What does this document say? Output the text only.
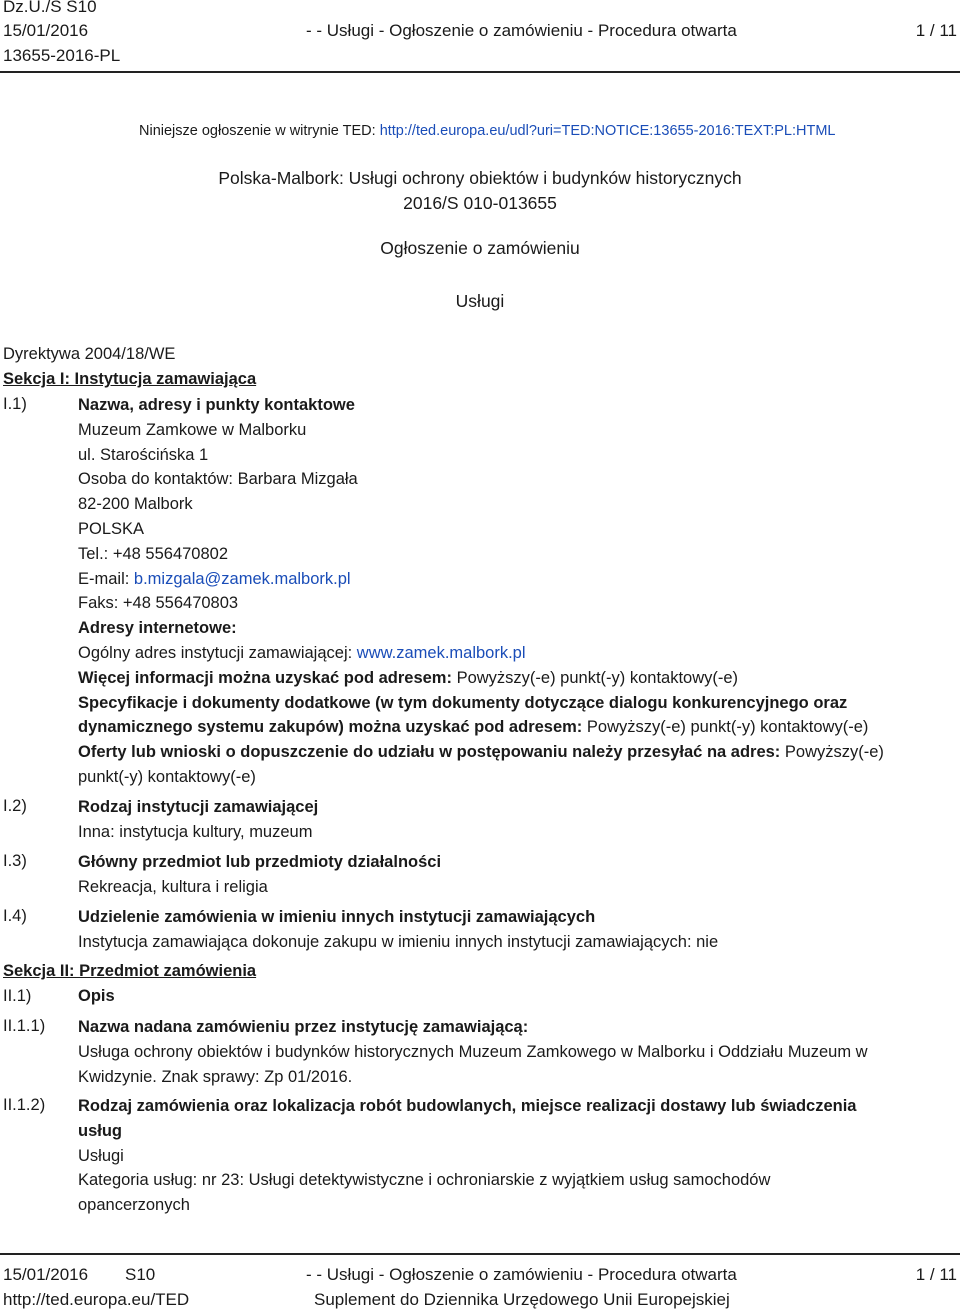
Dz.U./S S10
15/01/2016
13655-2016-PL
- - Usługi - Ogłoszenie o zamówieniu - Procedura otwarta	1 / 11
Niniejsze ogłoszenie w witrynie TED: http://ted.europa.eu/udl?uri=TED:NOTICE:13655-2016:TEXT:PL:HTML
Polska-Malbork: Usługi ochrony obiektów i budynków historycznych
2016/S 010-013655
Ogłoszenie o zamówieniu
Usługi
Dyrektywa 2004/18/WE
Sekcja I: Instytucja zamawiająca
I.1)	Nazwa, adresy i punkty kontaktowe
Muzeum Zamkowe w Malborku
ul. Starościńska 1
Osoba do kontaktów: Barbara Mizgała
82-200 Malbork
POLSKA
Tel.: +48 556470802
E-mail: b.mizgala@zamek.malbork.pl
Faks: +48 556470803
Adresy internetowe:
Ogólny adres instytucji zamawiającej: www.zamek.malbork.pl
Więcej informacji można uzyskać pod adresem: Powyższy(-e) punkt(-y) kontaktowy(-e)
Specyfikacje i dokumenty dodatkowe (w tym dokumenty dotyczące dialogu konkurencyjnego oraz
dynamicznego systemu zakupów) można uzyskać pod adresem: Powyższy(-e) punkt(-y) kontaktowy(-e)
Oferty lub wnioski o dopuszczenie do udziału w postępowaniu należy przesyłać na adres: Powyższy(-e)
punkt(-y) kontaktowy(-e)
I.2)	Rodzaj instytucji zamawiającej
Inna: instytucja kultury, muzeum
I.3)	Główny przedmiot lub przedmioty działalności
Rekreacja, kultura i religia
I.4)	Udzielenie zamówienia w imieniu innych instytucji zamawiających
Instytucja zamawiająca dokonuje zakupu w imieniu innych instytucji zamawiających: nie
Sekcja II: Przedmiot zamówienia
II.1)	Opis
II.1.1) Nazwa nadana zamówieniu przez instytucję zamawiającą:
Usługa ochrony obiektów i budynków historycznych Muzeum Zamkowego w Malborku i Oddziału Muzeum w
Kwidzynie. Znak sprawy: Zp 01/2016.
II.1.2) Rodzaj zamówienia oraz lokalizacja robót budowlanych, miejsce realizacji dostawy lub świadczenia
usług
Usługi
Kategoria usług: nr 23: Usługi detektywistyczne i ochroniarskie z wyjątkiem usług samochodów
opancerzonych
15/01/2016 S10
http://ted.europa.eu/TED
- - Usługi - Ogłoszenie o zamówieniu - Procedura otwarta
Suplement do Dziennika Urzędowego Unii Europejskiej
1 / 11
